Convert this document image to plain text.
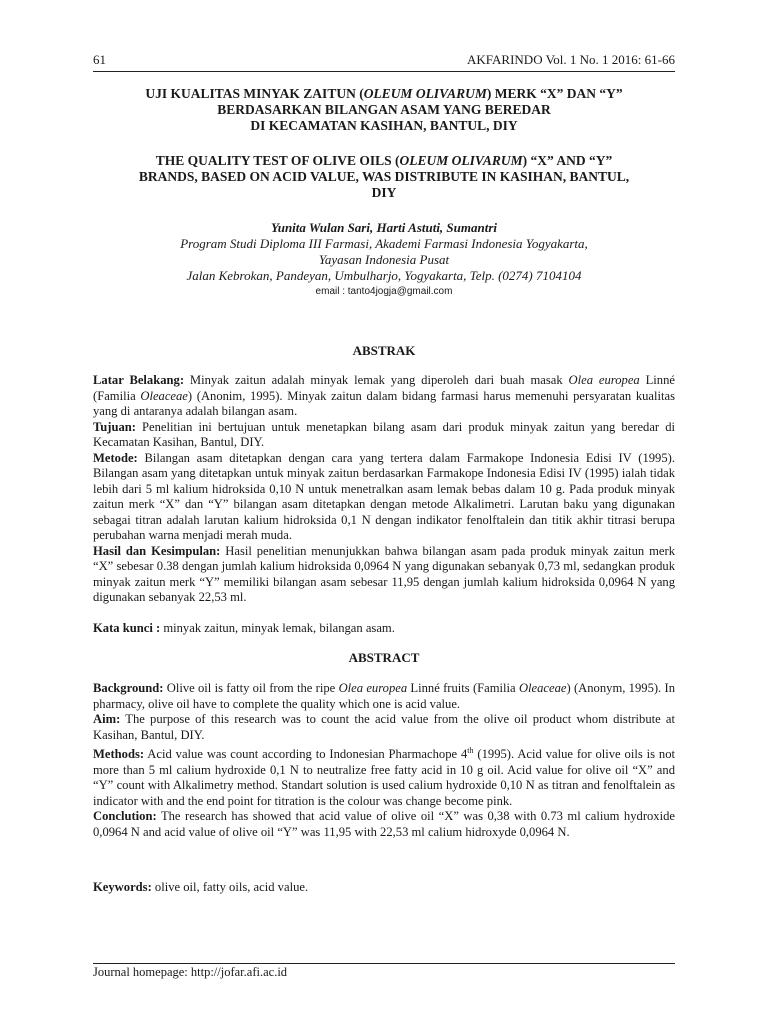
61	AKFARINDO Vol. 1 No. 1 2016: 61-66
UJI KUALITAS MINYAK ZAITUN (OLEUM OLIVARUM) MERK “X” DAN “Y”
BERDASARKAN BILANGAN ASAM YANG BEREDAR
DI KECAMATAN KASIHAN, BANTUL, DIY
THE QUALITY TEST OF OLIVE OILS (OLEUM OLIVARUM) “X” AND “Y”
BRANDS, BASED ON ACID VALUE, WAS DISTRIBUTE IN KASIHAN, BANTUL,
DIY
Yunita Wulan Sari, Harti Astuti, Sumantri
Program Studi Diploma III Farmasi, Akademi Farmasi Indonesia Yogyakarta,
Yayasan Indonesia Pusat
Jalan Kebrokan, Pandeyan, Umbulharjo, Yogyakarta, Telp. (0274) 7104104
email : tanto4jogja@gmail.com
ABSTRAK

Latar Belakang: Minyak zaitun adalah minyak lemak yang diperoleh dari buah masak Olea europea Linné (Familia Oleaceae) (Anonim, 1995). Minyak zaitun dalam bidang farmasi harus memenuhi persyaratan kualitas yang di antaranya adalah bilangan asam.

Tujuan: Penelitian ini bertujuan untuk menetapkan bilang asam dari produk minyak zaitun yang beredar di Kecamatan Kasihan, Bantul, DIY.

Metode: Bilangan asam ditetapkan dengan cara yang tertera dalam Farmakope Indonesia Edisi IV (1995). Bilangan asam yang ditetapkan untuk minyak zaitun berdasarkan Farmakope Indonesia Edisi IV (1995) ialah tidak lebih dari 5 ml kalium hidroksida 0,10 N untuk menetralkan asam lemak bebas dalam 10 g. Pada produk minyak zaitun merk “X” dan “Y” bilangan asam ditetapkan dengan metode Alkalimetri. Larutan baku yang digunakan sebagai titran adalah larutan kalium hidroksida 0,1 N dengan indikator fenolftalein dan titik akhir titrasi berupa perubahan warna menjadi merah muda.

Hasil dan Kesimpulan: Hasil penelitian menunjukkan bahwa bilangan asam pada produk minyak zaitun merk “X” sebesar 0.38 dengan jumlah kalium hidroksida 0,0964 N yang digunakan sebanyak 0,73 ml, sedangkan produk minyak zaitun merk “Y” memiliki bilangan asam sebesar 11,95 dengan jumlah kalium hidroksida 0,0964 N yang digunakan sebanyak 22,53 ml.

Kata kunci : minyak zaitun, minyak lemak, bilangan asam.

ABSTRACT

Background: Olive oil is fatty oil from the ripe Olea europea Linné fruits (Familia Oleaceae) (Anonym, 1995). In pharmacy, olive oil have to complete the quality which one is acid value.

Aim: The purpose of this research was to count the acid value from the olive oil product whom distribute at Kasihan, Bantul, DIY.

Methods: Acid value was count according to Indonesian Pharmachope 4th (1995). Acid value for olive oils is not more than 5 ml calium hydroxide 0,1 N to neutralize free fatty acid in 10 g oil. Acid value for olive oil “X” and “Y” count with Alkalimetry method. Standart solution is used calium hydroxide 0,10 N as titran and fenolftalein as indicator with and the end point for titration is the colour was change become pink.

Conclution: The research has showed that acid value of olive oil “X” was 0,38 with 0.73 ml calium hydroxide 0,0964 N and acid value of olive oil “Y” was 11,95 with 22,53 ml calium hidroxyde 0,0964 N.

Keywords: olive oil, fatty oils, acid value.

Journal homepage: http://jofar.afi.ac.id
